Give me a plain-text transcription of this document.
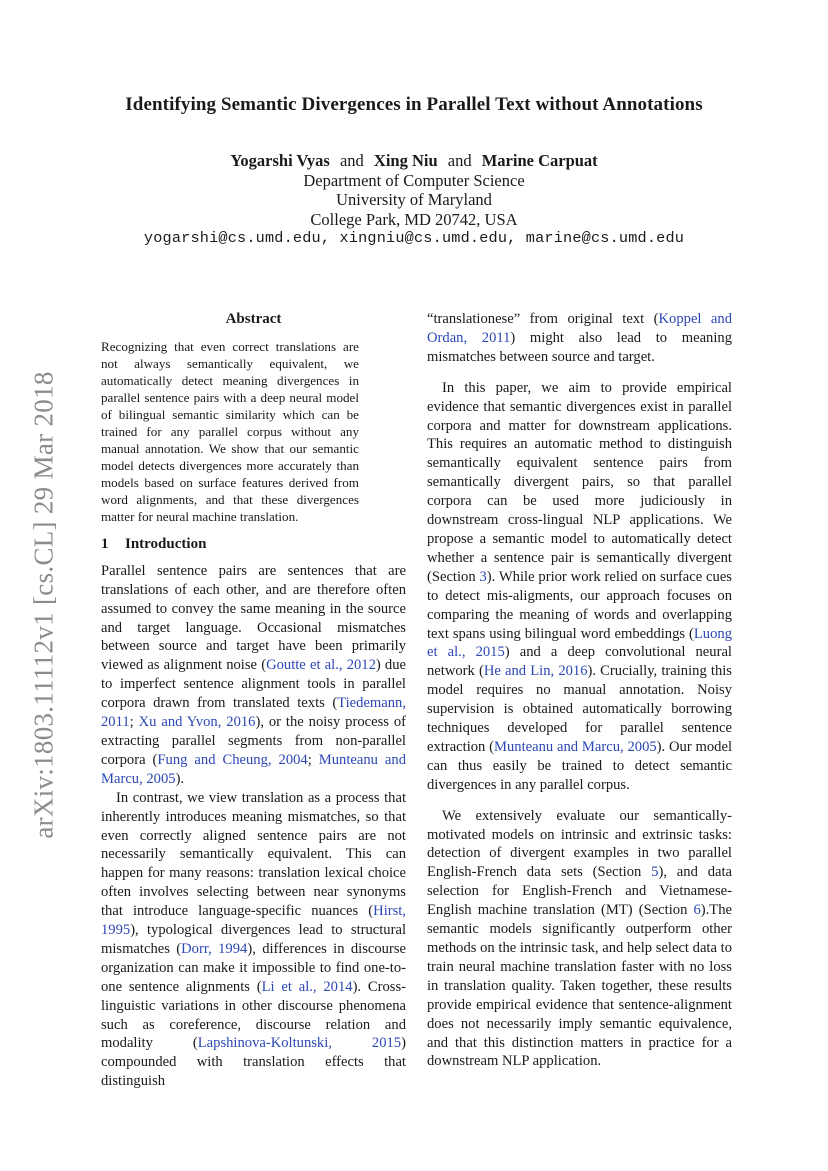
Identifying Semantic Divergences in Parallel Text without Annotations
Yogarshi Vyas and Xing Niu and Marine Carpuat
Department of Computer Science
University of Maryland
College Park, MD 20742, USA
yogarshi@cs.umd.edu, xingniu@cs.umd.edu, marine@cs.umd.edu
arXiv:1803.11112v1 [cs.CL] 29 Mar 2018
Abstract

Recognizing that even correct translations are not always semantically equivalent, we automatically detect meaning divergences in parallel sentence pairs with a deep neural model of bilingual semantic similarity which can be trained for any parallel corpus without any manual annotation. We show that our semantic model detects divergences more accurately than models based on surface features derived from word alignments, and that these divergences matter for neural machine translation.

1 Introduction

Parallel sentence pairs are sentences that are translations of each other, and are therefore often assumed to convey the same meaning in the source and target language. Occasional mismatches between source and target have been primarily viewed as alignment noise (Goutte et al., 2012) due to imperfect sentence alignment tools in parallel corpora drawn from translated texts (Tiedemann, 2011; Xu and Yvon, 2016), or the noisy process of extracting parallel segments from non-parallel corpora (Fung and Cheung, 2004; Munteanu and Marcu, 2005).

In contrast, we view translation as a process that inherently introduces meaning mismatches, so that even correctly aligned sentence pairs are not necessarily semantically equivalent. This can happen for many reasons: translation lexical choice often involves selecting between near synonyms that introduce language-specific nuances (Hirst, 1995), typological divergences lead to structural mismatches (Dorr, 1994), differences in discourse organization can make it impossible to find one-to-one sentence alignments (Li et al., 2014). Cross-linguistic variations in other discourse phenomena such as coreference, discourse relation and modality (Lapshinova-Koltunski, 2015) compounded with translation effects that distinguish

“translationese” from original text (Koppel and Ordan, 2011) might also lead to meaning mismatches between source and target.

In this paper, we aim to provide empirical evidence that semantic divergences exist in parallel corpora and matter for downstream applications. This requires an automatic method to distinguish semantically equivalent sentence pairs from semantically divergent pairs, so that parallel corpora can be used more judiciously in downstream cross-lingual NLP applications. We propose a semantic model to automatically detect whether a sentence pair is semantically divergent (Section 3). While prior work relied on surface cues to detect mis-aligments, our approach focuses on comparing the meaning of words and overlapping text spans using bilingual word embeddings (Luong et al., 2015) and a deep convolutional neural network (He and Lin, 2016). Crucially, training this model requires no manual annotation. Noisy supervision is obtained automatically borrowing techniques developed for parallel sentence extraction (Munteanu and Marcu, 2005). Our model can thus easily be trained to detect semantic divergences in any parallel corpus.

We extensively evaluate our semantically-motivated models on intrinsic and extrinsic tasks: detection of divergent examples in two parallel English-French data sets (Section 5), and data selection for English-French and Vietnamese-English machine translation (MT) (Section 6).The semantic models significantly outperform other methods on the intrinsic task, and help select data to train neural machine translation faster with no loss in translation quality. Taken together, these results provide empirical evidence that sentence-alignment does not necessarily imply semantic equivalence, and that this distinction matters in practice for a downstream NLP application.
